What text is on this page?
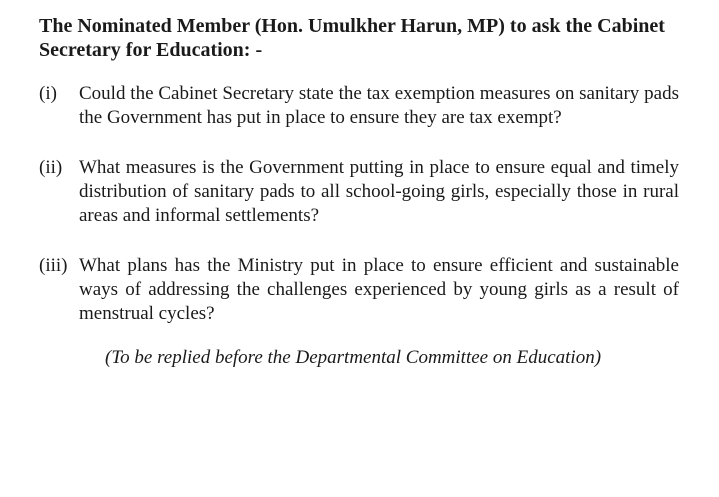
The Nominated Member (Hon. Umulkher Harun, MP) to ask the Cabinet Secretary for Education: -
(i)	Could the Cabinet Secretary state the tax exemption measures on sanitary pads the Government has put in place to ensure they are tax exempt?
(ii) What measures is the Government putting in place to ensure equal and timely distribution of sanitary pads to all school-going girls, especially those in rural areas and informal settlements?
(iii) What plans has the Ministry put in place to ensure efficient and sustainable ways of addressing the challenges experienced by young girls as a result of menstrual cycles?
(To be replied before the Departmental Committee on Education)
